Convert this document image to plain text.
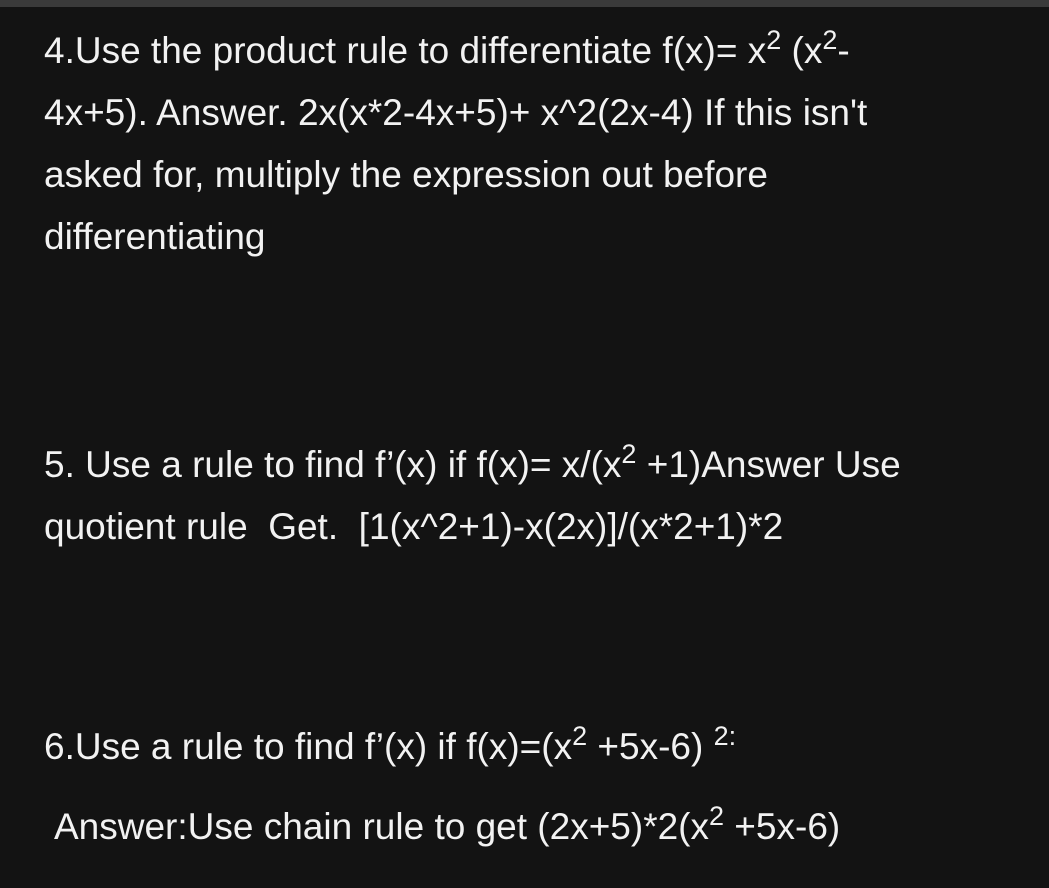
4.Use the product rule to differentiate $f(x)= x^2$ ($x^2-$
4x+5). Answer. 2x(x*2-4x+5)+ x^2(2x-4) If this isn't
asked for, multiply the expression out before
differentiating
5. Use a rule to find f’(x) if $f(x)= x/(x^2$ +1)Answer Use
quotient rule  Get.  [1(x^2+1)-x(2x)]/(x*2+1)*2
6.Use a rule to find f’(x) if $f(x)=(x^2 +5x-6)$ $^{2:}$
Answer:Use chain rule to get $(2x+5)*2(x^2 +5x-6)$
